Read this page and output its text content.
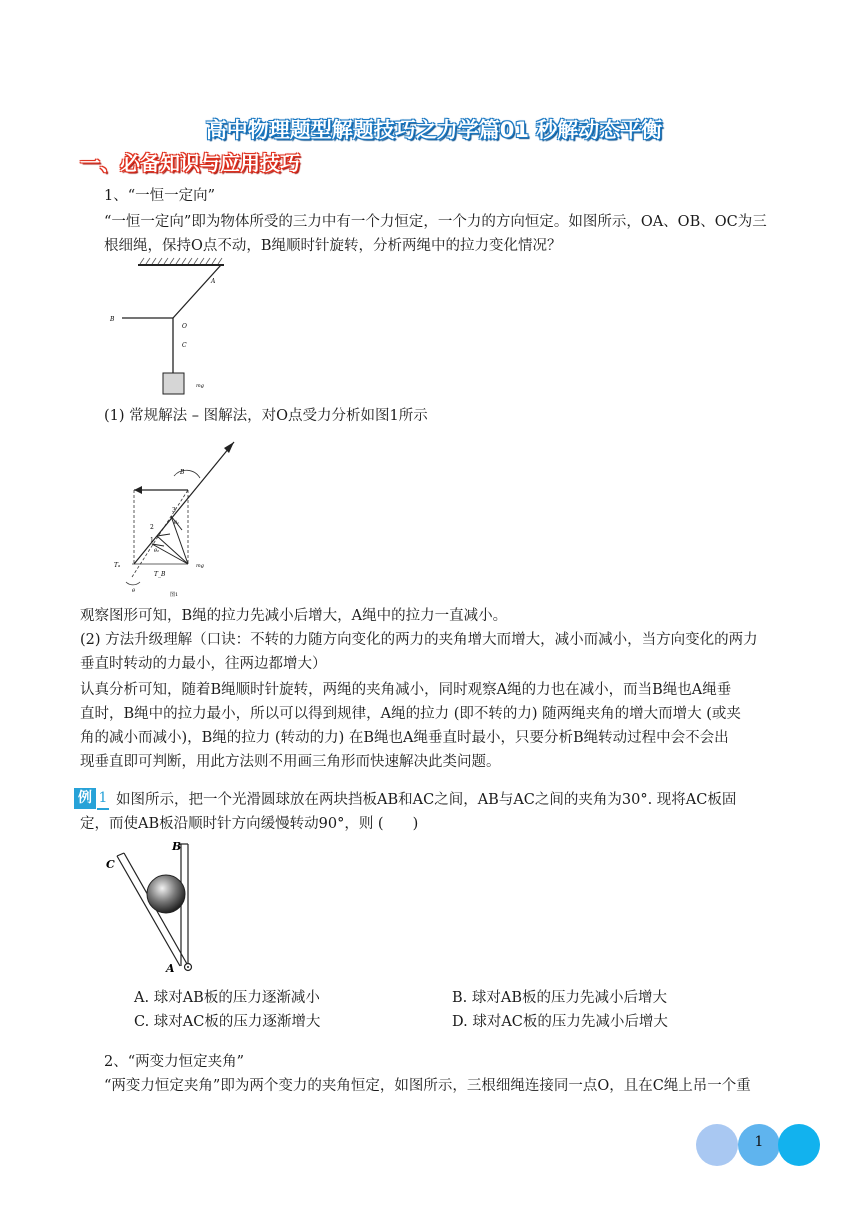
高中物理题型解题技巧之力学篇01 秒解动态平衡
一、必备知识与应用技巧
1、“一恒一定向”
“一恒一定向”即为物体所受的三力中有一个力恒定，一个力的方向恒定。如图所示，OA、OB、OC为三
根细绳，保持O点不动，B绳顺时针旋转，分析两绳中的拉力变化情况？
A
B
O
C
mg
(1) 常规解法 – 图解法，对O点受力分析如图1所示
B
3
2
1
θ₁
θ₂
Tₐ
T_B
mg
θ
图1
观察图形可知，B绳的拉力先减小后增大，A绳中的拉力一直减小。
(2) 方法升级理解（口诀：不转的力随方向变化的两力的夹角增大而增大，减小而减小，当方向变化的两力
垂直时转动的力最小，往两边都增大）
认真分析可知，随着B绳顺时针旋转，两绳的夹角减小，同时观察A绳的力也在减小，而当B绳也A绳垂
直时，B绳中的拉力最小，所以可以得到规律，A绳的拉力 (即不转的力) 随两绳夹角的增大而增大 (或夹
角的减小而减小)，B绳的拉力 (转动的力) 在B绳也A绳垂直时最小，只要分析B绳转动过程中会不会出
现垂直即可判断，用此方法则不用画三角形而快速解决此类问题。
例 1 如图所示，把一个光滑圆球放在两块挡板AB和AC之间，AB与AC之间的夹角为30°. 现将AC板固
定，而使AB板沿顺时针方向缓慢转动90°，则 (　　)
B
C
A
A. 球对AB板的压力逐渐减小	B. 球对AB板的压力先减小后增大
C. 球对AC板的压力逐渐增大	D. 球对AC板的压力先减小后增大
2、“两变力恒定夹角”
“两变力恒定夹角”即为两个变力的夹角恒定，如图所示，三根细绳连接同一点O，且在C绳上吊一个重
1
